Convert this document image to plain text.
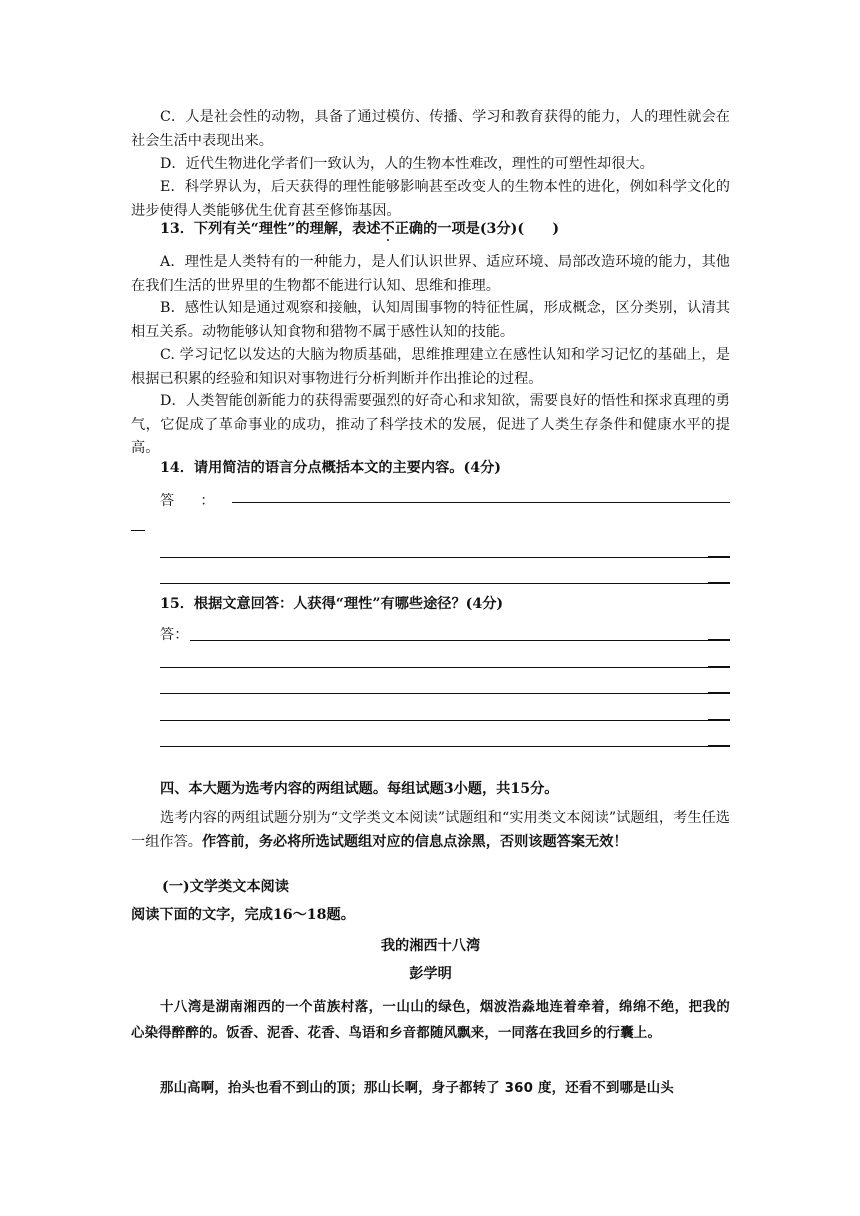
C．人是社会性的动物，具备了通过模仿、传播、学习和教育获得的能力，人的理性就会在社会生活中表现出来。

D．近代生物进化学者们一致认为，人的生物本性难改，理性的可塑性却很大。

E．科学界认为，后天获得的理性能够影响甚至改变人的生物本性的进化，例如科学文化的进步使得人类能够优生优育甚至修饰基因。

13．下列有关“理性”的理解，表述不正确的一项是(3分)(　　)

A．理性是人类特有的一种能力，是人们认识世界、适应环境、局部改造环境的能力，其他在我们生活的世界里的生物都不能进行认知、思维和推理。

B．感性认知是通过观察和接触，认知周围事物的特征性属，形成概念，区分类别，认清其相互关系。动物能够认知食物和猎物不属于感性认知的技能。

C. 学习记忆以发达的大脑为物质基础，思维推理建立在感性认知和学习记忆的基础上，是根据已积累的经验和知识对事物进行分析判断并作出推论的过程。

D．人类智能创新能力的获得需要强烈的好奇心和求知欲，需要良好的悟性和探求真理的勇气，它促成了革命事业的成功，推动了科学技术的发展，促进了人类生存条件和健康水平的提高。

14．请用简洁的语言分点概括本文的主要内容。(4分)

答　：

15．根据文意回答：人获得“理性”有哪些途径？(4分)

答：

四、本大题为选考内容的两组试题。每组试题3小题，共15分。

选考内容的两组试题分别为“文学类文本阅读”试题组和“实用类文本阅读”试题组，考生任选一组作答。作答前，务必将所选试题组对应的信息点涂黑，否则该题答案无效！

(一)文学类文本阅读

阅读下面的文字，完成16～18题。

我的湘西十八湾

彭学明

十八湾是湖南湘西的一个苗族村落，一山山的绿色，烟波浩淼地连着牵着，绵绵不绝，把我的心染得醉醉的。饭香、泥香、花香、鸟语和乡音都随风飘来，一同落在我回乡的行囊上。

那山高啊，抬头也看不到山的顶；那山长啊，身子都转了 360 度，还看不到哪是山头
